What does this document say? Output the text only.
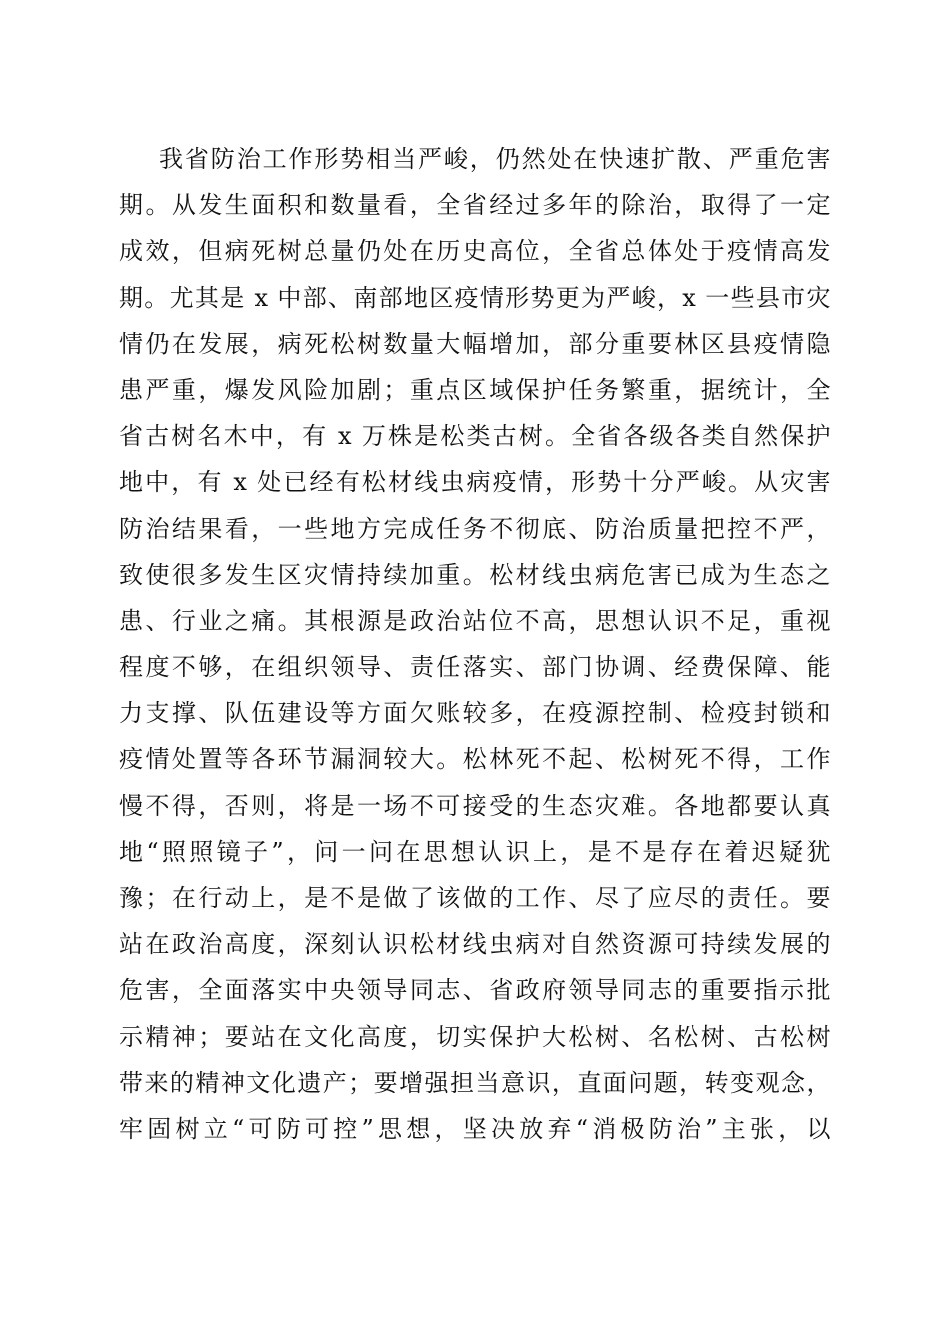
我省防治工作形势相当严峻，仍然处在快速扩散、严重危害
期。从发生面积和数量看，全省经过多年的除治，取得了一定
成效，但病死树总量仍处在历史高位，全省总体处于疫情高发
期。尤其是 x 中部、南部地区疫情形势更为严峻，x 一些县市灾
情仍在发展，病死松树数量大幅增加，部分重要林区县疫情隐
患严重，爆发风险加剧；重点区域保护任务繁重，据统计，全
省古树名木中，有 x 万株是松类古树。全省各级各类自然保护
地中，有 x 处已经有松材线虫病疫情，形势十分严峻。从灾害
防治结果看，一些地方完成任务不彻底、防治质量把控不严，
致使很多发生区灾情持续加重。松材线虫病危害已成为生态之
患、行业之痛。其根源是政治站位不高，思想认识不足，重视
程度不够，在组织领导、责任落实、部门协调、经费保障、能
力支撑、队伍建设等方面欠账较多，在疫源控制、检疫封锁和
疫情处置等各环节漏洞较大。松林死不起、松树死不得，工作
慢不得，否则，将是一场不可接受的生态灾难。各地都要认真
地“照照镜子”，问一问在思想认识上，是不是存在着迟疑犹
豫；在行动上，是不是做了该做的工作、尽了应尽的责任。要
站在政治高度，深刻认识松材线虫病对自然资源可持续发展的
危害，全面落实中央领导同志、省政府领导同志的重要指示批
示精神；要站在文化高度，切实保护大松树、名松树、古松树
带来的精神文化遗产；要增强担当意识，直面问题，转变观念，
牢固树立“可防可控”思想，坚决放弃“消极防治”主张，以
